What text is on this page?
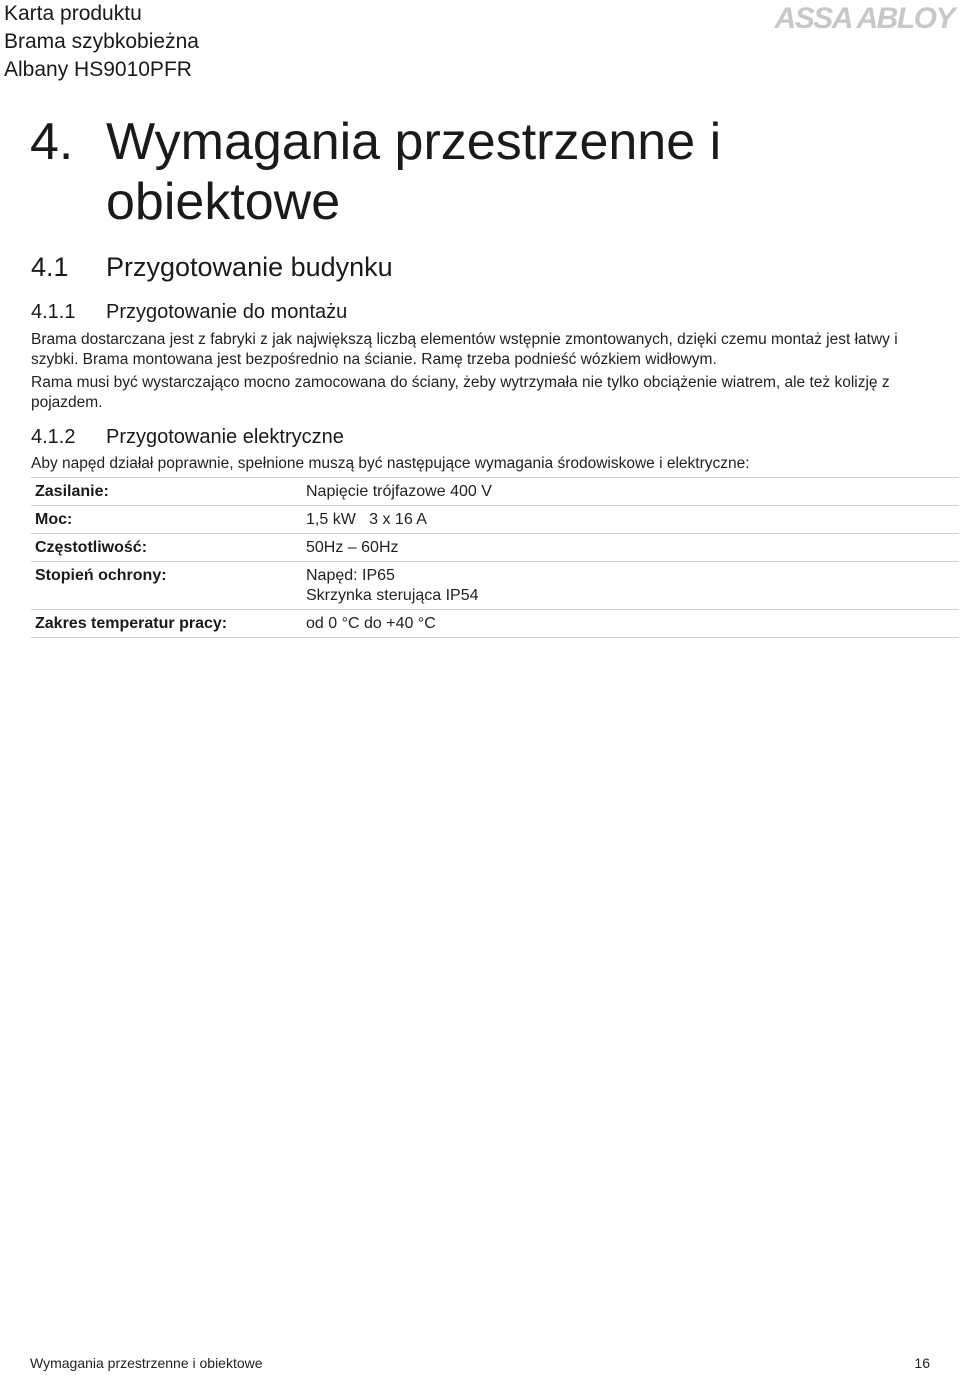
Karta produktu
Brama szybkobieżna
Albany HS9010PFR
ASSA ABLOY
4. Wymagania przestrzenne i
obiektowe
4.1 Przygotowanie budynku
4.1.1 Przygotowanie do montażu
Brama dostarczana jest z fabryki z jak największą liczbą elementów wstępnie zmontowanych, dzięki czemu montaż jest łatwy i szybki. Brama montowana jest bezpośrednio na ścianie. Ramę trzeba podnieść wózkiem widłowym.
Rama musi być wystarczająco mocno zamocowana do ściany, żeby wytrzymała nie tylko obciążenie wiatrem, ale też kolizję z pojazdem.
4.1.2 Przygotowanie elektryczne
Aby napęd działał poprawnie, spełnione muszą być następujące wymagania środowiskowe i elektryczne:
Zasilanie:	Napięcie trójfazowe 400 V
Moc:	1,5 kW   3 x 16 A
Częstotliwość:	50Hz – 60Hz
Stopień ochrony:	Napęd: IP65
Skrzynka sterująca IP54
Zakres temperatur pracy:	od 0 °C do +40 °C
Wymagania przestrzenne i obiektowe	16
